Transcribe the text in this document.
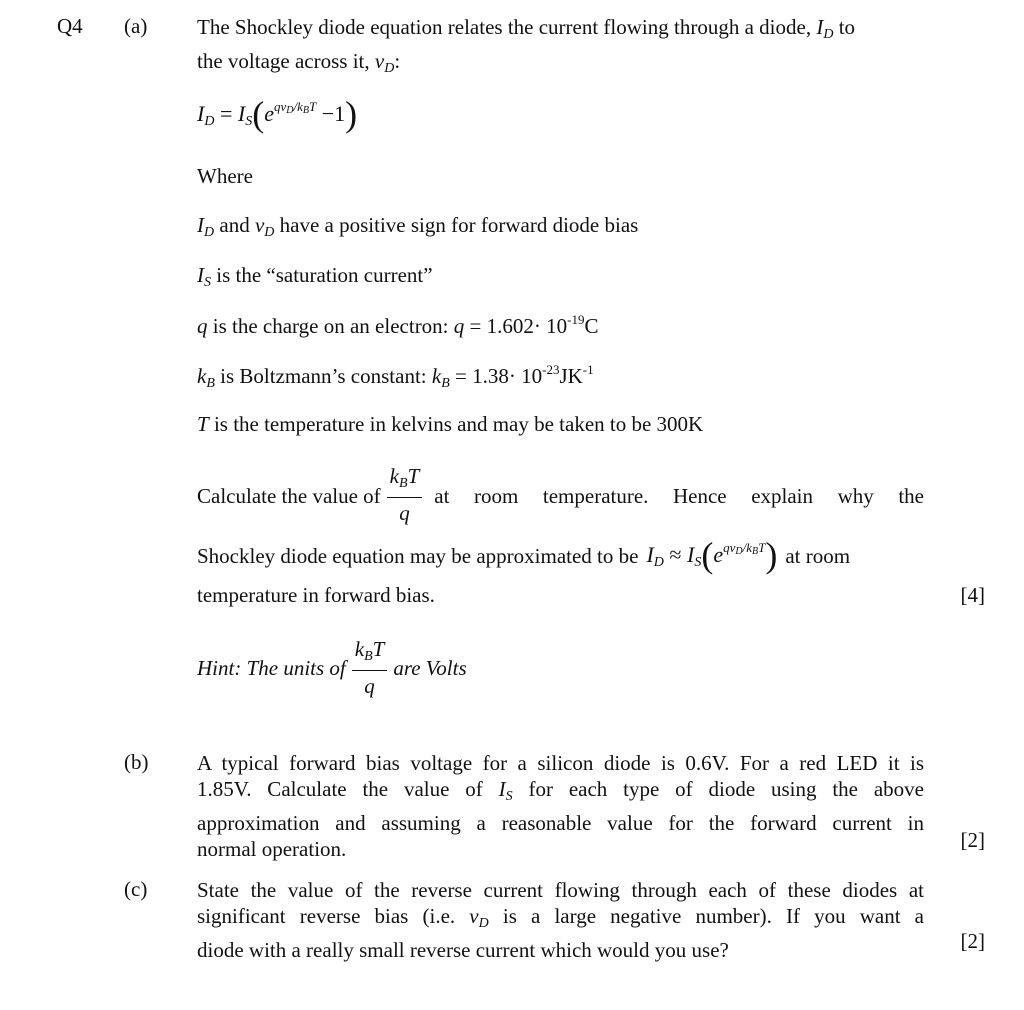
Q4 (a) The Shockley diode equation relates the current flowing through a diode, $I_D$ to
the voltage across it, $v_D$:
$I_D = I_S(e^{qv_D/k_BT} -1)$
Where
$I_D$ and $v_D$ have a positive sign for forward diode bias
$I_S$ is the “saturation current”
q is the charge on an electron: $q = 1.602\cdot 10^{-19}C$
$k_B$ is Boltzmann’s constant: $k_B = 1.38\cdot 10^{-23}JK^{-1}$
T is the temperature in kelvins and may be taken to be 300K
Calculate the value of $\frac{k_BT}{q}$ at room temperature. Hence explain why the
Shockley diode equation may be approximated to be $I_D \approx I_S(e^{qv_D/k_BT})$ at room
temperature in forward bias.	[4]
Hint: The units of $\frac{k_BT}{q}$ are Volts
(b) A typical forward bias voltage for a silicon diode is 0.6V. For a red LED it is
1.85V. Calculate the value of $I_S$ for each type of diode using the above
approximation and assuming a reasonable value for the forward current in
normal operation.	[2]
(c) State the value of the reverse current flowing through each of these diodes at
significant reverse bias (i.e. $v_D$ is a large negative number). If you want a
diode with a really small reverse current which would you use?	[2]
